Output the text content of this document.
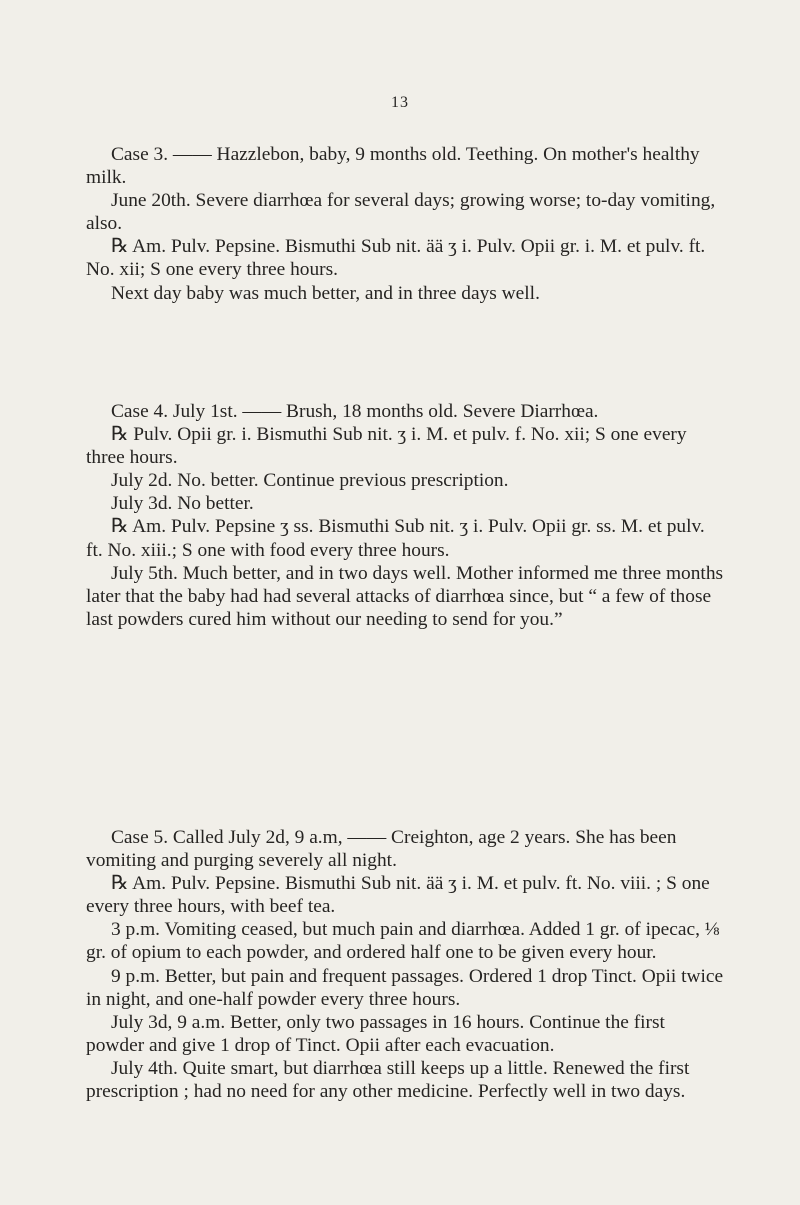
13

Case 3. —— Hazzlebon, baby, 9 months old. Teething. On mother's healthy milk.

June 20th. Severe diarrhœa for several days; growing worse; to-day vomiting, also.

℞ Am. Pulv. Pepsine. Bismuthi Sub nit. ää ʒ i. Pulv. Opii gr. i. M. et pulv. ft. No. xii; S one every three hours.

Next day baby was much better, and in three days well.

Case 4. July 1st. —— Brush, 18 months old. Severe Diarrhœa.

℞ Pulv. Opii gr. i. Bismuthi Sub nit. ʒ i. M. et pulv. f. No. xii; S one every three hours.

July 2d. No. better. Continue previous prescription.

July 3d. No better.

℞ Am. Pulv. Pepsine ʒ ss. Bismuthi Sub nit. ʒ i. Pulv. Opii gr. ss. M. et pulv. ft. No. xiii.; S one with food every three hours.

July 5th. Much better, and in two days well. Mother informed me three months later that the baby had had several attacks of diarrhœa since, but “ a few of those last powders cured him without our needing to send for you.”

Case 5. Called July 2d, 9 a.m, —— Creighton, age 2 years. She has been vomiting and purging severely all night.

℞ Am. Pulv. Pepsine. Bismuthi Sub nit. ää ʒ i. M. et pulv. ft. No. viii. ; S one every three hours, with beef tea.

3 p.m. Vomiting ceased, but much pain and diarrhœa. Added 1 gr. of ipecac, ⅛ gr. of opium to each powder, and ordered half one to be given every hour.

9 p.m. Better, but pain and frequent passages. Ordered 1 drop Tinct. Opii twice in night, and one-half powder every three hours.

July 3d, 9 a.m. Better, only two passages in 16 hours. Continue the first powder and give 1 drop of Tinct. Opii after each evacuation.

July 4th. Quite smart, but diarrhœa still keeps up a little. Renewed the first prescription ; had no need for any other medicine. Perfectly well in two days.
